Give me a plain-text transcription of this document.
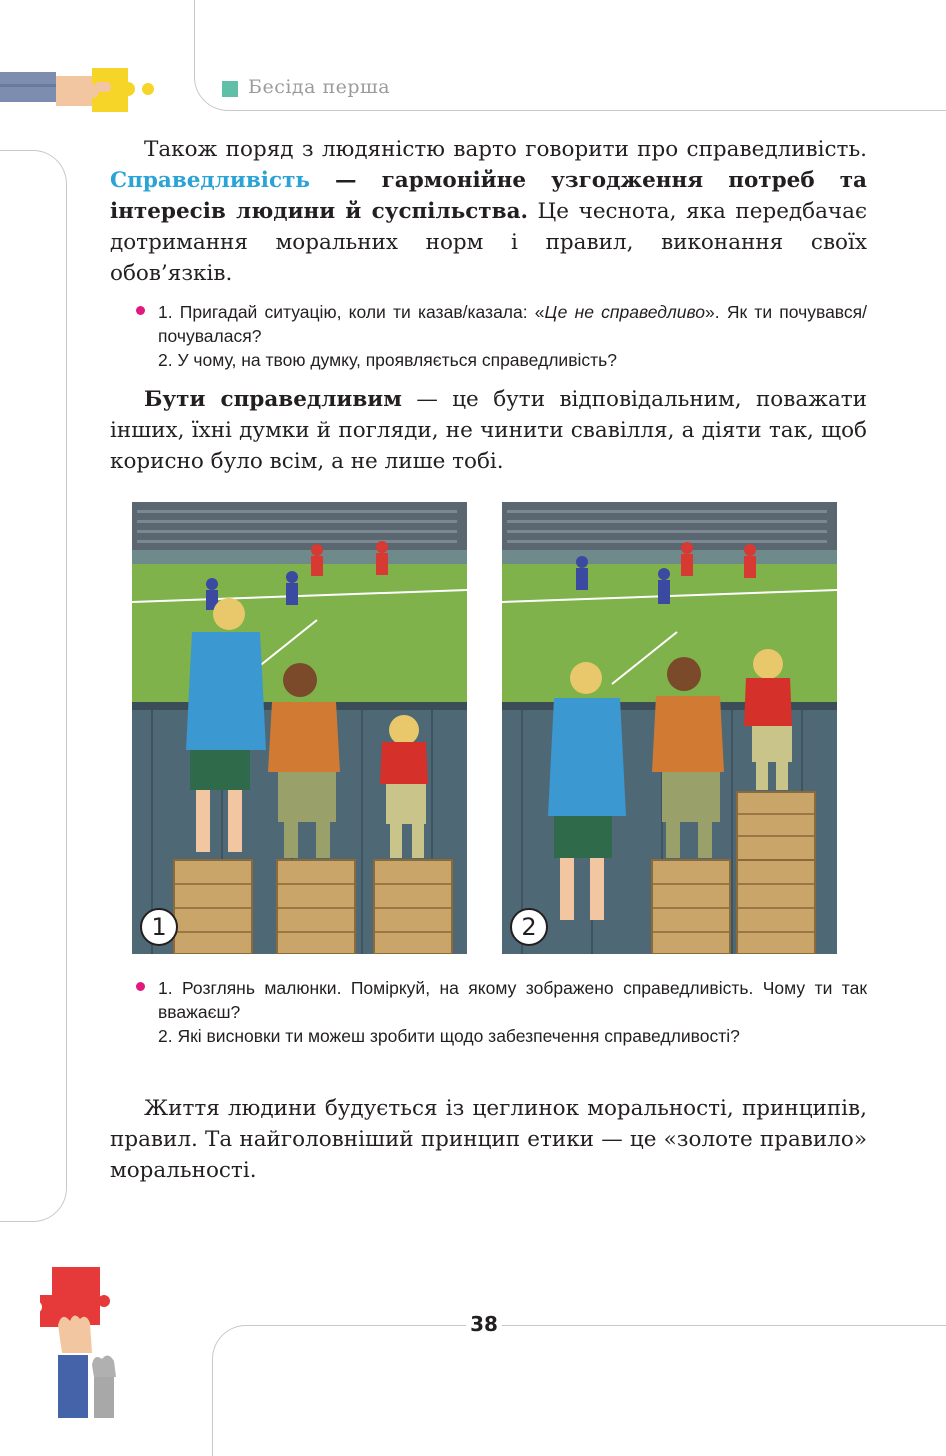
Бесіда перша

Також поряд з людяністю варто говорити про справедливість. Справедливість — гармонійне узгодження потреб та інтересів людини й суспільства. Це чеснота, яка передбачає дотримання моральних норм і правил, виконання своїх обов’язків.

1. Пригадай ситуацію, коли ти казав/казала: «Це не справедливо». Як ти почувався/почувалася?

2. У чому, на твою думку, проявляється справедливість?

Бути справедливим — це бути відповідальним, поважати інших, їхні думки й погляди, не чинити свавілля, а діяти так, щоб корисно було всім, а не лише тобі.

1	2

1. Розглянь малюнки. Поміркуй, на якому зображено справедливість. Чому ти так вважаєш?

2. Які висновки ти можеш зробити щодо забезпечення справедливості?

Життя людини будується із цеглинок моральності, принципів, правил. Та найголовніший принцип етики — це «золоте правило» моральності.

38
